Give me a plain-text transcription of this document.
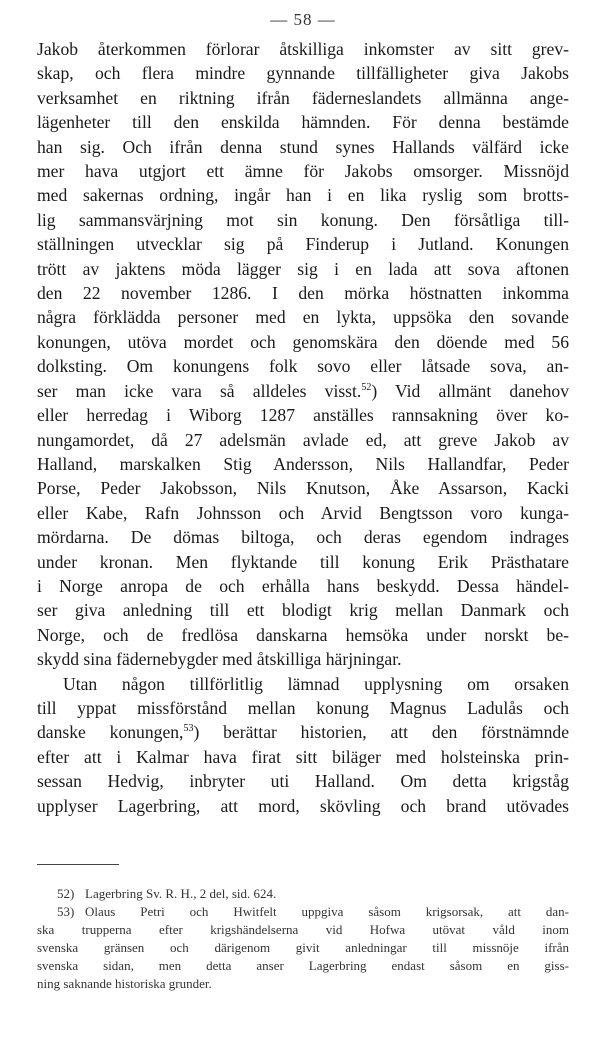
— 58 —

Jakob återkommen förlorar åtskilliga inkomster av sitt grev-
skap, och flera mindre gynnande tillfälligheter giva Jakobs
verksamhet en riktning ifrån fäderneslandets allmänna ange-
lägenheter till den enskilda hämnden. För denna bestämde
han sig. Och ifrån denna stund synes Hallands välfärd icke
mer hava utgjort ett ämne för Jakobs omsorger. Missnöjd
med sakernas ordning, ingår han i en lika ryslig som brotts-
lig sammansvärjning mot sin konung. Den försåtliga till-
ställningen utvecklar sig på Finderup i Jutland. Konungen
trött av jaktens möda lägger sig i en lada att sova aftonen
den 22 november 1286. I den mörka höstnatten inkomma
några förklädda personer med en lykta, uppsöka den sovande
konungen, utöva mordet och genomskära den döende med 56
dolksting. Om konungens folk sovo eller låtsade sova, an-
ser man icke vara så alldeles visst.$^{52}$) Vid allmänt danehov
eller herredag i Wiborg 1287 anställes rannsakning över ko-
nungamordet, då 27 adelsmän avlade ed, att greve Jakob av
Halland, marskalken Stig Andersson, Nils Hallandfar, Peder
Porse, Peder Jakobsson, Nils Knutson, Åke Assarson, Kacki
eller Kabe, Rafn Johnsson och Arvid Bengtsson voro kunga-
mördarna. De dömas biltoga, och deras egendom indrages
under kronan. Men flyktande till konung Erik Prästhatare
i Norge anropa de och erhålla hans beskydd. Dessa händel-
ser giva anledning till ett blodigt krig mellan Danmark och
Norge, och de fredlösa danskarna hemsöka under norskt be-
skydd sina fädernebygder med åtskilliga härjningar.

Utan någon tillförlitlig lämnad upplysning om orsaken
till yppat missförstånd mellan konung Magnus Ladulås och
danske konungen,$^{53}$) berättar historien, att den förstnämnde
efter att i Kalmar hava firat sitt biläger med holsteinska prin-
sessan Hedvig, inbryter uti Halland. Om detta krigståg
upplyser Lagerbring, att mord, skövling och brand utövades

52) Lagerbring Sv. R. H., 2 del, sid. 624.
53) Olaus Petri och Hwitfelt uppgiva såsom krigsorsak, att dan-
ska trupperna efter krigshändelserna vid Hofwa utövat våld inom
svenska gränsen och därigenom givit anledningar till missnöje ifrån
svenska sidan, men detta anser Lagerbring endast såsom en giss-
ning saknande historiska grunder.
